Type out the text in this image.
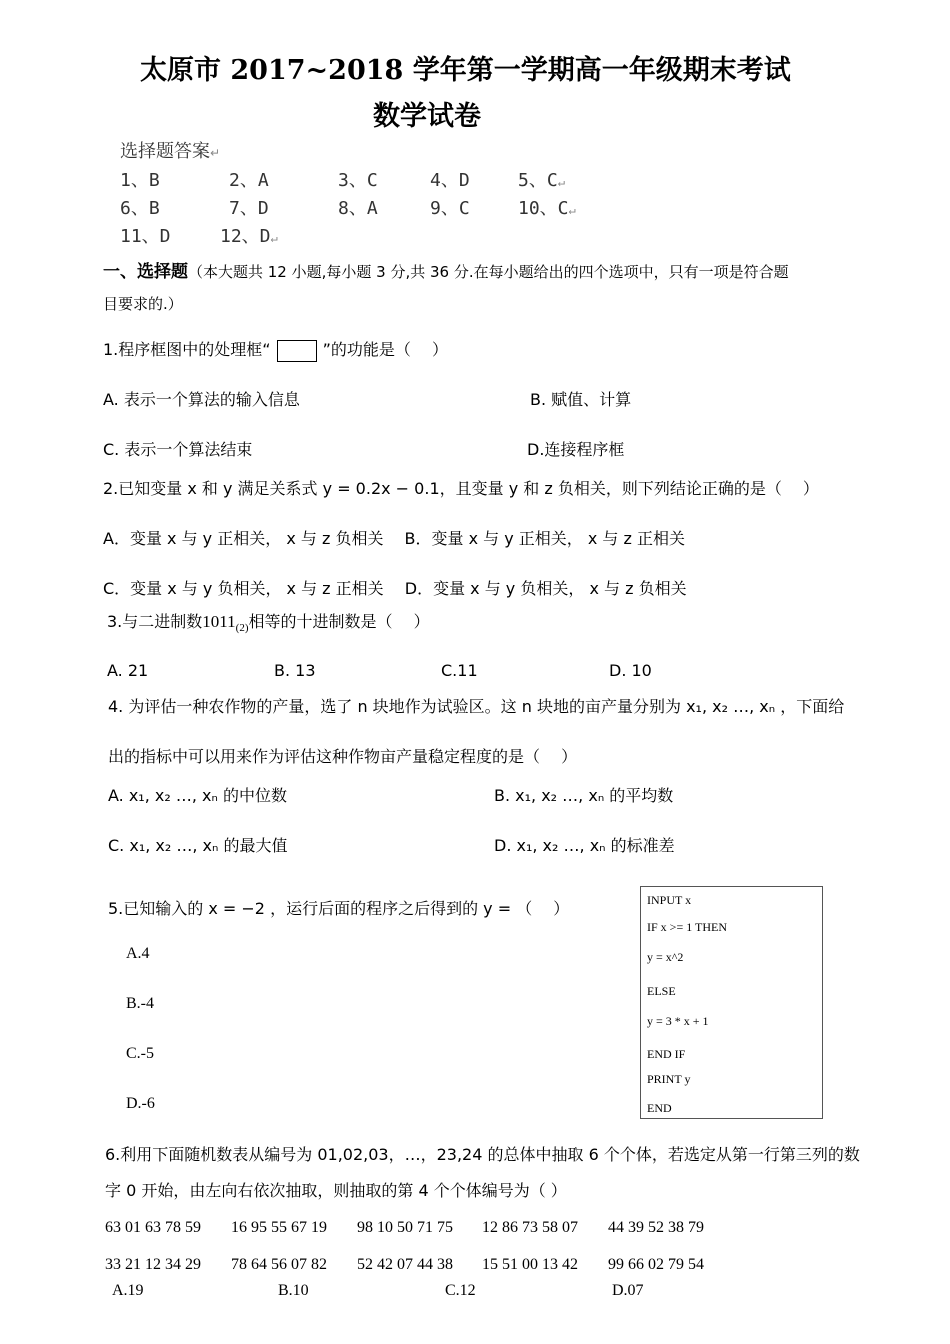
太原市 2017~2018 学年第一学期高一年级期末考试
数学试卷
选择题答案↵
1、B	2、A	3、C	4、D	5、C↵
6、B	7、D	8、A	9、C	10、C↵
11、D	12、D↵
一、选择题（本大题共 12 小题,每小题 3 分,共 36 分.在每小题给出的四个选项中，只有一项是符合题
目要求的.）
1.程序框图中的处理框“	”的功能是（　 ）
A. 表示一个算法的输入信息	B. 赋值、计算
C. 表示一个算法结束	D.连接程序框
2.已知变量 x 和 y 满足关系式 y = 0.2x − 0.1，且变量 y 和 z 负相关，则下列结论正确的是（　 ）
A．变量 x 与 y 正相关， x 与 z 负相关　 B．变量 x 与 y 正相关， x 与 z 正相关
C．变量 x 与 y 负相关， x 与 z 正相关　 D．变量 x 与 y 负相关， x 与 z 负相关
3.与二进制数$1011_{(2)}$相等的十进制数是（　 ）
A. 21	B. 13	C.11	D. 10
4. 为评估一种农作物的产量，选了 n 块地作为试验区。这 n 块地的亩产量分别为 x₁, x₂ …, xₙ ，下面给
出的指标中可以用来作为评估这种作物亩产量稳定程度的是（　 ）
A. x₁, x₂ …, xₙ 的中位数	B. x₁, x₂ …, xₙ 的平均数
C. x₁, x₂ …, xₙ 的最大值	D. x₁, x₂ …, xₙ 的标准差
5.已知输入的 x = −2 ，运行后面的程序之后得到的 y = （　 ）
A.4
B.-4
C.-5
D.-6
INPUT x
IF x >= 1 THEN
y = x^2
ELSE
y = 3 * x + 1
END IF
PRINT y
END
6.利用下面随机数表从编号为 01,02,03，…，23,24 的总体中抽取 6 个个体，若选定从第一行第三列的数
字 0 开始，由左向右依次抽取，则抽取的第 4 个个体编号为（ ）
63 01 63 78 59 16 95 55 67 19 98 10 50 71 75 12 86 73 58 07 44 39 52 38 79
33 21 12 34 29 78 64 56 07 82 52 42 07 44 38 15 51 00 13 42 99 66 02 79 54
A.19	B.10	C.12	D.07
